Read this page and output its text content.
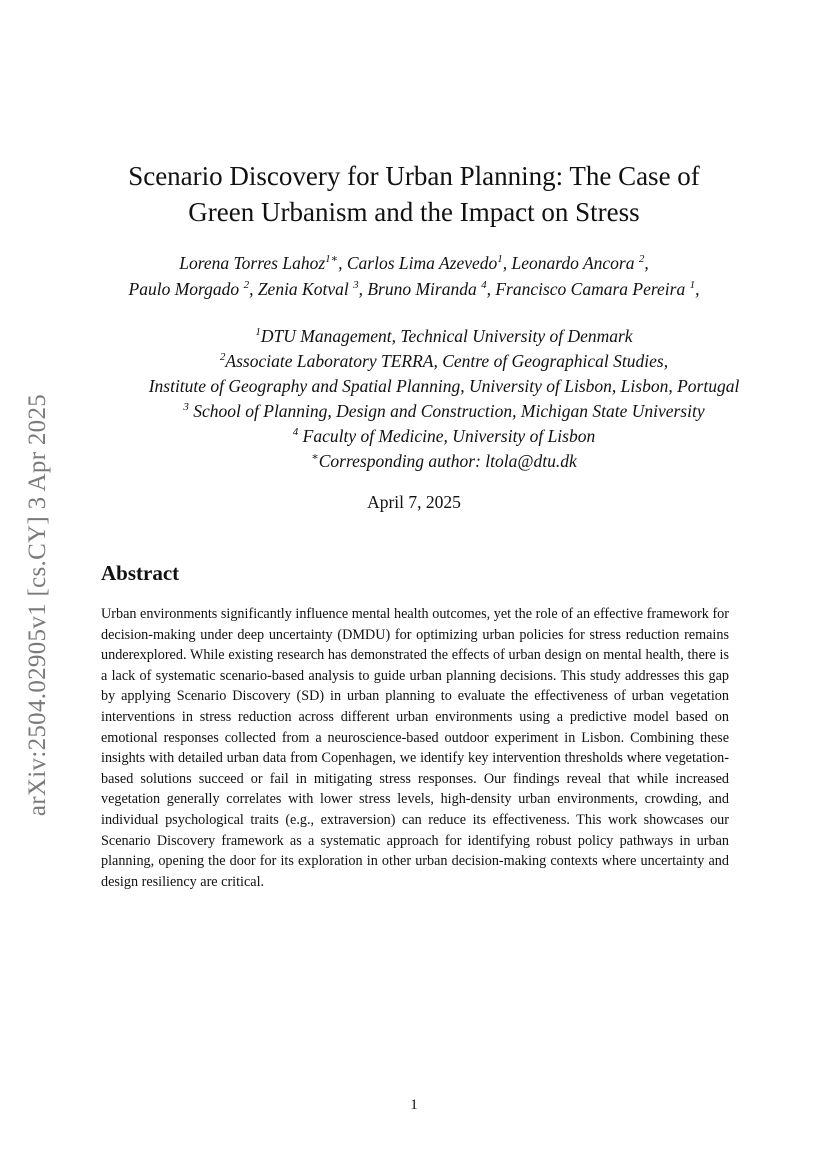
arXiv:2504.02905v1 [cs.CY] 3 Apr 2025
Scenario Discovery for Urban Planning: The Case of
Green Urbanism and the Impact on Stress
Lorena Torres Lahoz$^{1∗}$, Carlos Lima Azevedo$^1$, Leonardo Ancora $^2$,
Paulo Morgado $^2$, Zenia Kotval $^3$, Bruno Miranda $^4$, Francisco Camara Pereira $^1$,
$^1$DTU Management, Technical University of Denmark
$^2$Associate Laboratory TERRA, Centre of Geographical Studies,
Institute of Geography and Spatial Planning, University of Lisbon, Lisbon, Portugal
$^3$ School of Planning, Design and Construction, Michigan State University
$^4$ Faculty of Medicine, University of Lisbon
∗Corresponding author: ltola@dtu.dk
April 7, 2025
Abstract
Urban environments significantly influence mental health outcomes, yet the role of an effective framework for decision-making under deep uncertainty (DMDU) for optimizing urban policies for stress reduction remains underexplored. While existing research has demonstrated the effects of urban design on mental health, there is a lack of systematic scenario-based analysis to guide urban planning decisions. This study addresses this gap by applying Scenario Discovery (SD) in urban planning to evaluate the effectiveness of urban vegetation interventions in stress reduction across different urban environments using a predictive model based on emotional responses collected from a neuroscience-based outdoor experiment in Lisbon. Combining these insights with detailed urban data from Copenhagen, we identify key intervention thresholds where vegetation-based solutions succeed or fail in mitigating stress responses. Our findings reveal that while increased vegetation generally correlates with lower stress levels, high-density urban environments, crowding, and individual psychological traits (e.g., extraversion) can reduce its effectiveness. This work showcases our Scenario Discovery framework as a systematic approach for identifying robust policy pathways in urban planning, opening the door for its exploration in other urban decision-making contexts where uncertainty and design resiliency are critical.
1
